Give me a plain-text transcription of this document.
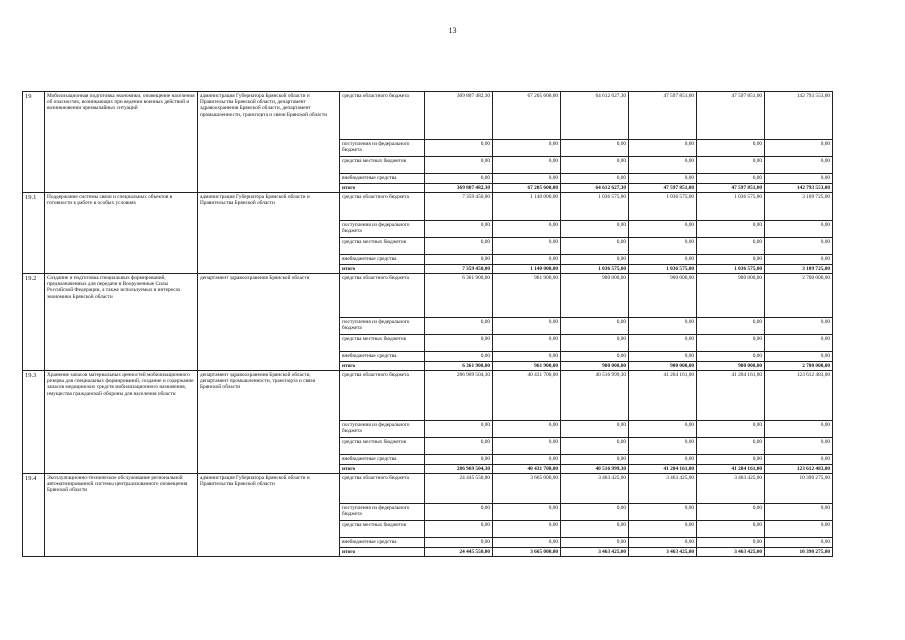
13
19	Мобилизационная подготовка экономики, оповещение населения об опасностях, возникающих при ведении военных действий и возникновении чрезвычайных ситуаций	администрация Губернатора Брянской области и Правительства Брянской области, департамент здравоохранения Брянской области, департамент промышленности, транспорта и связи Брянской области	средства областного бюджета	369 807 482,30	67 205 600,00	64 612 627,30	47 597 851,00	47 597 851,00	142 793 553,00
			поступления из федерального бюджета	0,00	0,00	0,00	0,00	0,00	0,00
			средства местных бюджетов	0,00	0,00	0,00	0,00	0,00	0,00
			внебюджетные средства	0,00	0,00	0,00	0,00	0,00	0,00
			итого	369 807 482,30	67 205 600,00	64 612 627,30	47 597 851,00	47 597 851,00	142 793 553,00
19.1	Поддержание системы связи и специальных объектов в готовности к работе в особых условиях	администрация Губернатора Брянской области и Правительства Брянской области	средства областного бюджета	7 359 450,00	1 140 000,00	1 036 575,00	1 036 575,00	1 036 575,00	3 109 725,00
			поступления из федерального бюджета	0,00	0,00	0,00	0,00	0,00	0,00
			средства местных бюджетов	0,00	0,00	0,00	0,00	0,00	0,00
			внебюджетные средства	0,00	0,00	0,00	0,00	0,00	0,00
			итого	7 359 450,00	1 140 000,00	1 036 575,00	1 036 575,00	1 036 575,00	3 109 725,00
19.2	Создание и подготовка специальных формирований, предназначенных для передачи в Вооруженные Силы Российской Федерации, а также используемых в интересах экономики Брянской области	департамент здравоохранения Брянской области	средства областного бюджета	6 361 900,00	961 900,00	900 000,00	900 000,00	900 000,00	2 700 000,00
			поступления из федерального бюджета	0,00	0,00	0,00	0,00	0,00	0,00
			средства местных бюджетов	0,00	0,00	0,00	0,00	0,00	0,00
			внебюджетные средства	0,00	0,00	0,00	0,00	0,00	0,00
			итого	6 361 900,00	961 900,00	900 000,00	900 000,00	900 000,00	2 700 000,00
19.3	Хранение запасов материальных ценностей мобилизационного резерва для специальных формирований, создание и содержание запасов медицинских средств мобилизационного назначения, имущества гражданской обороны для населения области	департамент здравоохранения Брянской области, департамент промышленности, транспорта и связи Брянской области	средства областного бюджета	286 969 504,30	40 431 700,00	40 516 999,30	41 204 161,00	41 204 161,00	123 612 483,00
			поступления из федерального бюджета	0,00	0,00	0,00	0,00	0,00	0,00
			средства местных бюджетов	0,00	0,00	0,00	0,00	0,00	0,00
			внебюджетные средства	0,00	0,00	0,00	0,00	0,00	0,00
			итого	286 969 504,30	40 431 700,00	40 516 999,30	41 204 161,00	41 204 161,00	123 612 483,00
19.4	Эксплуатационно-техническое обслуживание региональной автоматизированной системы централизованного оповещения Брянской области	администрация Губернатора Брянской области и Правительства Брянской области	средства областного бюджета	24 445 550,00	3 665 000,00	3 463 425,00	3 463 425,00	3 463 425,00	10 390 275,00
			поступления из федерального бюджета	0,00	0,00	0,00	0,00	0,00	0,00
			средства местных бюджетов	0,00	0,00	0,00	0,00	0,00	0,00
			внебюджетные средства	0,00	0,00	0,00	0,00	0,00	0,00
			итого	24 445 550,00	3 665 000,00	3 463 425,00	3 463 425,00	3 463 425,00	10 390 275,00
